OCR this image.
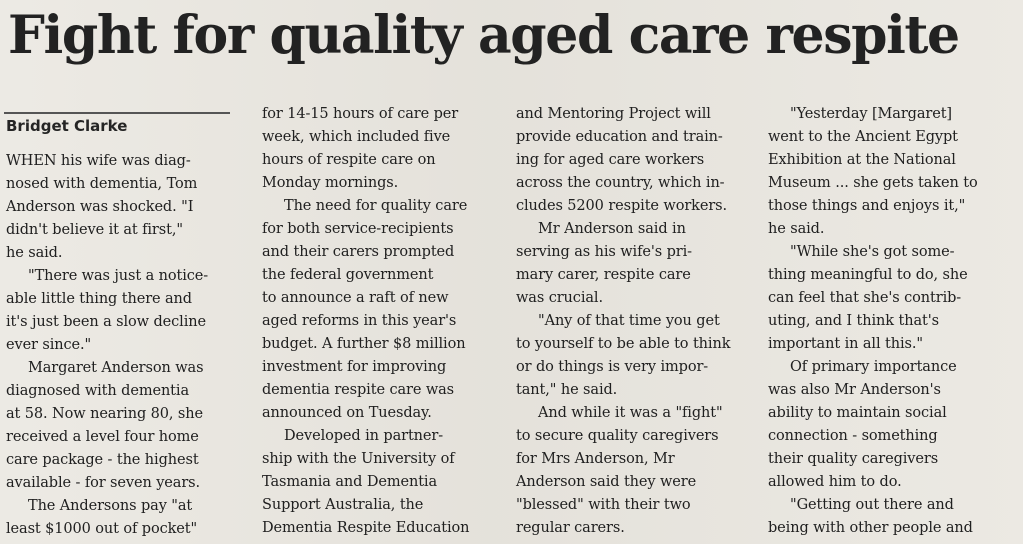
Fight for quality aged care respite
Bridget Clarke
WHEN his wife was diag-
nosed with dementia, Tom
Anderson was shocked. "I
didn't believe it at first,"
he said.
"There was just a notice-
able little thing there and
it's just been a slow decline
ever since."
Margaret Anderson was
diagnosed with dementia
at 58. Now nearing 80, she
received a level four home
care package - the highest
available - for seven years.
The Andersons pay "at
least $1000 out of pocket"
for 14-15 hours of care per
week, which included five
hours of respite care on
Monday mornings.
The need for quality care
for both service-recipients
and their carers prompted
the federal government
to announce a raft of new
aged reforms in this year's
budget. A further $8 million
investment for improving
dementia respite care was
announced on Tuesday.
Developed in partner-
ship with the University of
Tasmania and Dementia
Support Australia, the
Dementia Respite Education
and Mentoring Project will
provide education and train-
ing for aged care workers
across the country, which in-
cludes 5200 respite workers.
Mr Anderson said in
serving as his wife's pri-
mary carer, respite care
was crucial.
"Any of that time you get
to yourself to be able to think
or do things is very impor-
tant," he said.
And while it was a "fight"
to secure quality caregivers
for Mrs Anderson, Mr
Anderson said they were
"blessed" with their two
regular carers.
"Yesterday [Margaret]
went to the Ancient Egypt
Exhibition at the National
Museum ... she gets taken to
those things and enjoys it,"
he said.
"While she's got some-
thing meaningful to do, she
can feel that she's contrib-
uting, and I think that's
important in all this."
Of primary importance
was also Mr Anderson's
ability to maintain social
connection - something
their quality caregivers
allowed him to do.
"Getting out there and
being with other people and
